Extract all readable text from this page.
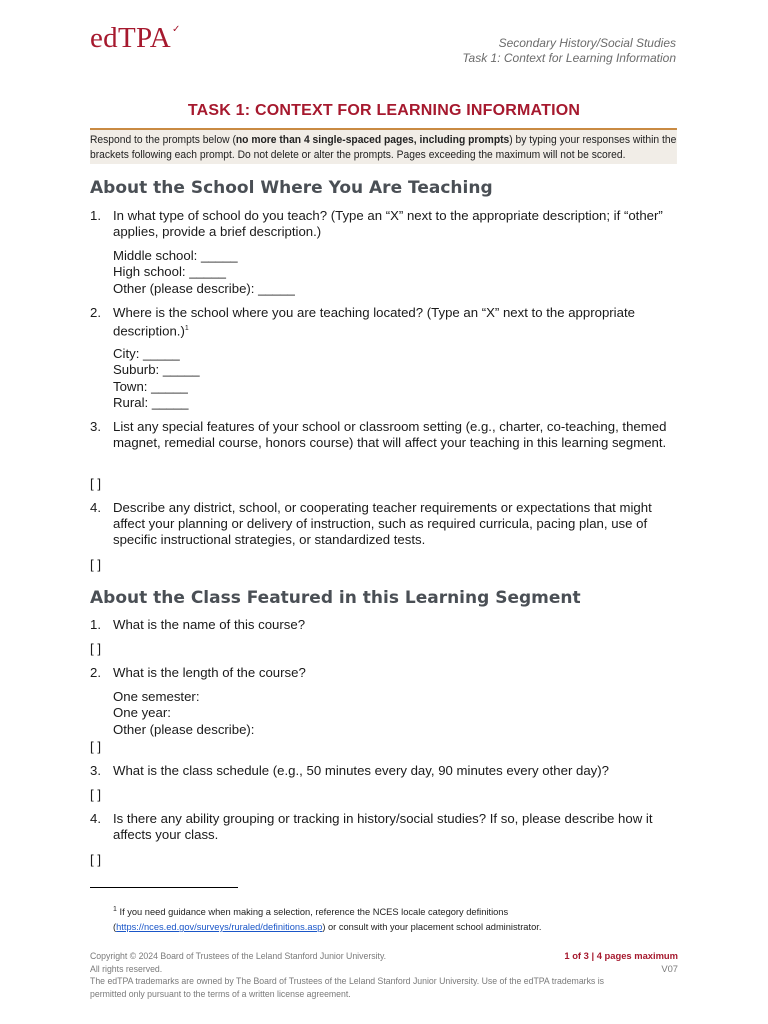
edTPA✓
Secondary History/Social Studies
Task 1: Context for Learning Information
TASK 1: CONTEXT FOR LEARNING INFORMATION
Respond to the prompts below (no more than 4 single-spaced pages, including prompts) by typing your responses within the brackets following each prompt. Do not delete or alter the prompts. Pages exceeding the maximum will not be scored.
About the School Where You Are Teaching
1. In what type of school do you teach? (Type an “X” next to the appropriate description; if “other” applies, provide a brief description.)
Middle school: _____
High school: _____
Other (please describe): _____
2. Where is the school where you are teaching located? (Type an “X” next to the appropriate description.)$^1$
City: _____
Suburb: _____
Town: _____
Rural: _____
3. List any special features of your school or classroom setting (e.g., charter, co-teaching, themed magnet, remedial course, honors course) that will affect your teaching in this learning segment.
[ ]
4. Describe any district, school, or cooperating teacher requirements or expectations that might affect your planning or delivery of instruction, such as required curricula, pacing plan, use of specific instructional strategies, or standardized tests.
[ ]
About the Class Featured in this Learning Segment
1. What is the name of this course?
[ ]
2. What is the length of the course?
One semester:
One year:
Other (please describe):
[ ]
3. What is the class schedule (e.g., 50 minutes every day, 90 minutes every other day)?
[ ]
4. Is there any ability grouping or tracking in history/social studies? If so, please describe how it affects your class.
[ ]
$^1$ If you need guidance when making a selection, reference the NCES locale category definitions
(https://nces.ed.gov/surveys/ruraled/definitions.asp) or consult with your placement school administrator.
Copyright © 2024 Board of Trustees of the Leland Stanford Junior University.
All rights reserved.
The edTPA trademarks are owned by The Board of Trustees of the Leland Stanford Junior University. Use of the edTPA trademarks is permitted only pursuant to the terms of a written license agreement.
1 of 3 | 4 pages maximum
V07
